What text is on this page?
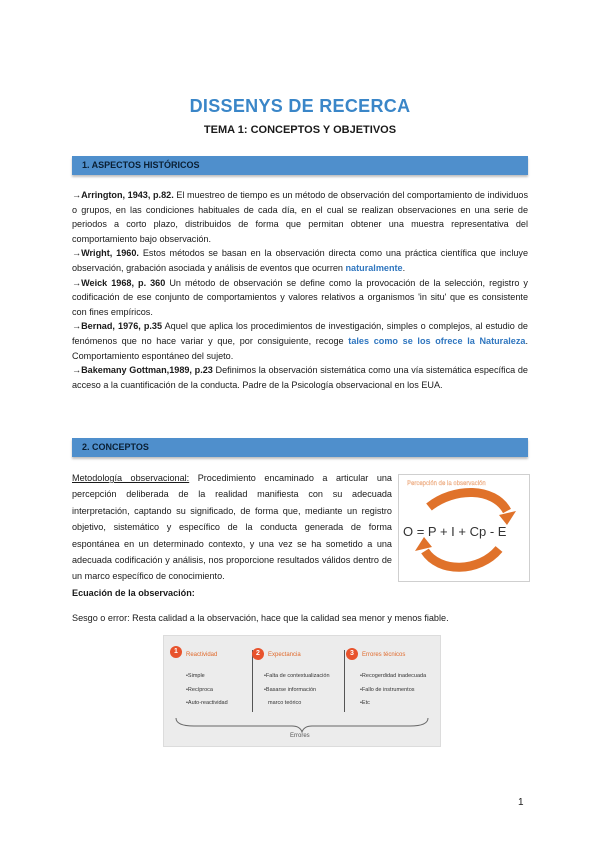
DISSENYS DE RECERCA
TEMA 1: CONCEPTOS Y OBJETIVOS
1. ASPECTOS HISTÓRICOS
→Arrington, 1943, p.82. El muestreo de tiempo es un método de observación del comportamiento de individuos o grupos, en las condiciones habituales de cada día, en el cual se realizan observaciones en una serie de periodos a corto plazo, distribuidos de forma que permitan obtener una muestra representativa del comportamiento bajo observación.
→Wright, 1960. Estos métodos se basan en la observación directa como una práctica científica que incluye observación, grabación asociada y análisis de eventos que ocurren naturalmente.
→Weick 1968, p. 360 Un método de observación se define como la provocación de la selección, registro y codificación de ese conjunto de comportamientos y valores relativos a organismos 'in situ' que es consistente con fines empíricos.
→Bernad, 1976, p.35 Aquel que aplica los procedimientos de investigación, simples o complejos, al estudio de fenómenos que no hace variar y que, por consiguiente, recoge tales como se los ofrece la Naturaleza. Comportamiento espontáneo del sujeto.
→Bakemany Gottman,1989, p.23 Definimos la observación sistemática como una vía sistemática específica de acceso a la cuantificación de la conducta. Padre de la Psicología observacional en los EUA.
2. CONCEPTOS
Metodología observacional: Procedimiento encaminado a articular una percepción deliberada de la realidad manifiesta con su adecuada interpretación, captando su significado, de forma que, mediante un registro objetivo, sistemático y específico de la conducta generada de forma espontánea en un determinado contexto, y una vez se ha sometido a una adecuada codificación y análisis, nos proporcione resultados válidos dentro de un marco específico de conocimiento.
Ecuación de la observación:
Percepción de la observación
O = P + I + Cp - E
Sesgo o error: Resta calidad a la observación, hace que la calidad sea menor y menos fiable.
1	Reactividad
•Simple
•Recíproca
•Auto-reactividad
2	Expectancia
•Falta de contextualización
•Basarse información
marco teórico
3	Errores técnicos
•Recogerdidad inadecuada
•Fallo de instrumentos
•Etc
Errores
1
